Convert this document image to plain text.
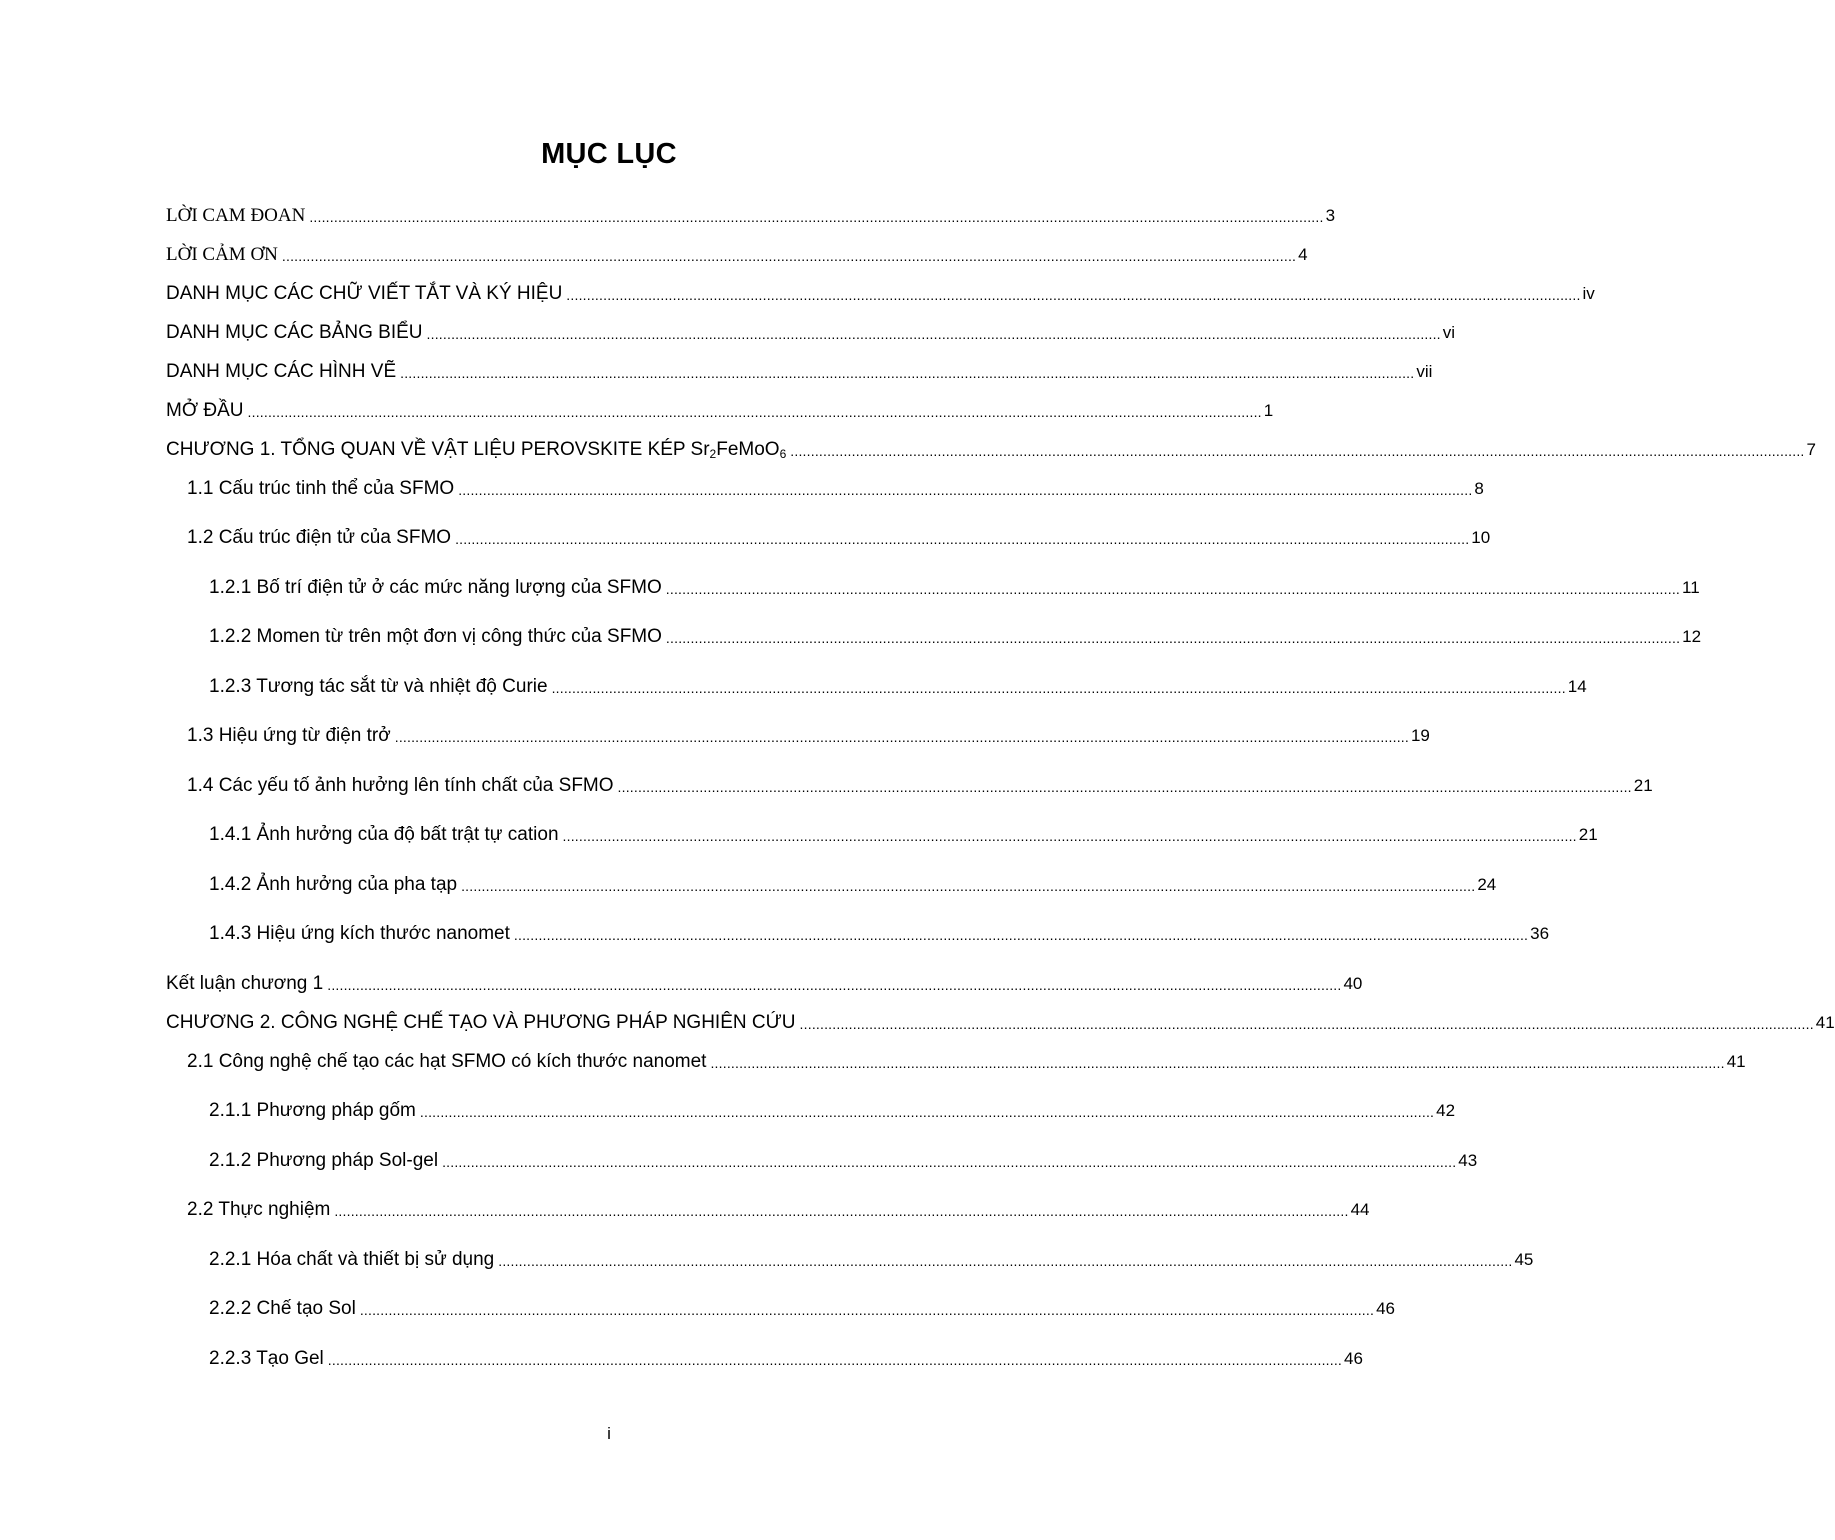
MỤC LỤC
LỜI CAM ĐOAN ........................................................................................................................................................................................................................................................ 3
LỜI CẢM ƠN ........................................................................................................................................................................................................................................................ 4
DANH MỤC CÁC CHỮ VIẾT TẮT VÀ KÝ HIỆU ........................................................................................................................................................................................................................................................ iv
DANH MỤC CÁC BẢNG BIỂU ........................................................................................................................................................................................................................................................ vi
DANH MỤC CÁC HÌNH VẼ ........................................................................................................................................................................................................................................................ vii
MỞ ĐẦU ........................................................................................................................................................................................................................................................ 1
CHƯƠNG 1. TỔNG QUAN VỀ VẬT LIỆU PEROVSKITE KÉP $Sr_2FeMoO_6$ ........................................................................................................................................................................................................................................................ 7
1.1 Cấu trúc tinh thể của SFMO ........................................................................................................................................................................................................................................................ 8
1.2 Cấu trúc điện tử của SFMO ........................................................................................................................................................................................................................................................ 10
1.2.1 Bố trí điện tử ở các mức năng lượng của SFMO ........................................................................................................................................................................................................................................................ 11
1.2.2 Momen từ trên một đơn vị công thức của SFMO ........................................................................................................................................................................................................................................................ 12
1.2.3 Tương tác sắt từ và nhiệt độ Curie ........................................................................................................................................................................................................................................................ 14
1.3 Hiệu ứng từ điện trở ........................................................................................................................................................................................................................................................ 19
1.4 Các yếu tố ảnh hưởng lên tính chất của SFMO ........................................................................................................................................................................................................................................................ 21
1.4.1 Ảnh hưởng của độ bất trật tự cation ........................................................................................................................................................................................................................................................ 21
1.4.2 Ảnh hưởng của pha tạp ........................................................................................................................................................................................................................................................ 24
1.4.3 Hiệu ứng kích thước nanomet ........................................................................................................................................................................................................................................................ 36
Kết luận chương 1 ........................................................................................................................................................................................................................................................ 40
CHƯƠNG 2. CÔNG NGHỆ CHẾ TẠO VÀ PHƯƠNG PHÁP NGHIÊN CỨU ........................................................................................................................................................................................................................................................ 41
2.1 Công nghệ chế tạo các hạt SFMO có kích thước nanomet ........................................................................................................................................................................................................................................................ 41
2.1.1 Phương pháp gốm ........................................................................................................................................................................................................................................................ 42
2.1.2 Phương pháp Sol-gel ........................................................................................................................................................................................................................................................ 43
2.2 Thực nghiệm ........................................................................................................................................................................................................................................................ 44
2.2.1 Hóa chất và thiết bị sử dụng ........................................................................................................................................................................................................................................................ 45
2.2.2 Chế tạo Sol ........................................................................................................................................................................................................................................................ 46
2.2.3 Tạo Gel ........................................................................................................................................................................................................................................................ 46
i
